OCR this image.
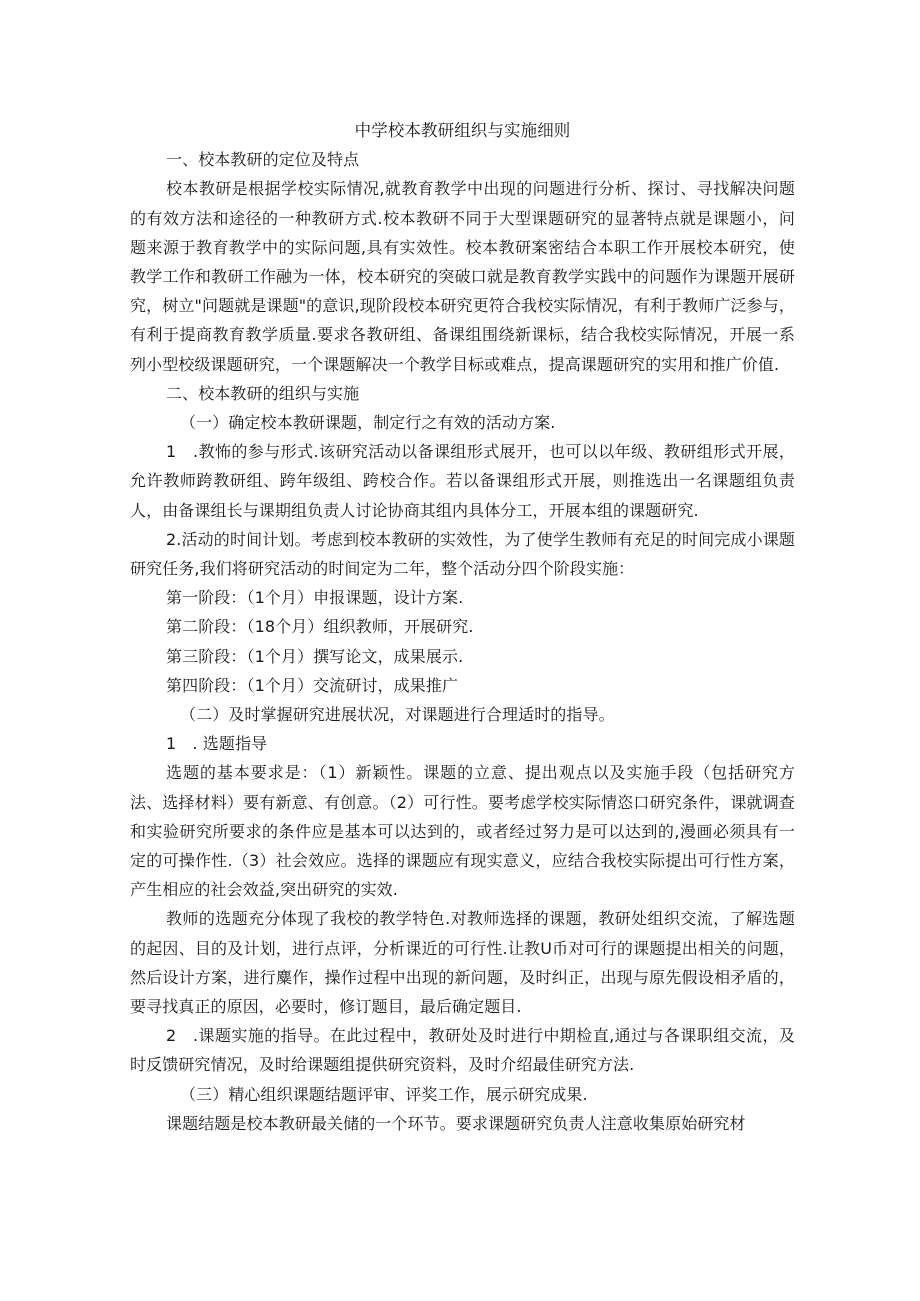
中学校本教研组织与实施细则

一、校本教研的定位及特点

校本教研是根据学校实际情况,就教育教学中出现的问题进行分析、探讨、寻找解决问题的有效方法和途径的一种教研方式.校本教研不同于大型课题研究的显著特点就是课题小，问题来源于教育教学中的实际问题,具有实效性。校本教研案密结合本职工作开展校本研究，使教学工作和教研工作融为一体，校本研究的突破口就是教育教学实践中的问题作为课题开展研究，树立"问题就是课题"的意识,现阶段校本研究更符合我校实际情况，有利于教师广泛参与，有利于提商教育教学质量.要求各教研组、备课组围绕新课标，结合我校实际情况，开展一系列小型校级课题研究，一个课题解决一个教学目标或难点，提高课题研究的实用和推广价值.

二、校本教研的组织与实施

（一）确定校本教研课题，制定行之有效的活动方案.

1　.教怖的参与形式.该研究活动以备课组形式展开，也可以以年级、教研组形式开展，允许教师跨教研组、跨年级组、跨校合作。若以备课组形式开展，则推选出一名课题组负责人，由备课组长与课期组负责人讨论协商其组内具体分工，开展本组的课题研究.

2.活动的时间计划。考虑到校本教研的实效性，为了使学生教师有充足的时间完成小课题研究任务,我们将研究活动的时间定为二年，整个活动分四个阶段实施：

第一阶段：（1个月）申报课题，设计方案.

第二阶段：（18个月）组织教师，开展研究.

第三阶段：（1个月）撰写论文，成果展示.

第四阶段：（1个月）交流研讨，成果推广

（二）及时掌握研究进展状况，对课题进行合理适时的指导。

1　. 选题指导

选题的基本要求是：（1）新颖性。课题的立意、提出观点以及实施手段（包括研究方法、选择材料）要有新意、有创意。（2）可行性。要考虑学校实际情恣口研究条件，课就调查和实验研究所要求的条件应是基本可以达到的，或者经过努力是可以达到的,漫画必须具有一定的可操作性.（3）社会效应。选择的课题应有现实意义，应结合我校实际提出可行性方案，产生相应的社会效益,突出研究的实效.

教师的选题充分体现了我校的教学特色.对教师选择的课题，教研处组织交流，了解选题的起因、目的及计划，进行点评，分析课近的可行性.让教U币对可行的课题提出相关的问题，然后设计方案，进行麋作，操作过程中出现的新问题，及时纠正，出现与原先假设相矛盾的，要寻找真正的原因，必要时，修订题目，最后确定题目.

2　.课题实施的指导。在此过程中，教研处及时进行中期检直,通过与各课职组交流，及时反馈研究情况，及时给课题组提供研究资料，及时介绍最佳研究方法.

（三）精心组织课题结题评审、评奖工作，展示研究成果.

课题结题是校本教研最关储的一个环节。要求课题研究负责人注意收集原始研究材
